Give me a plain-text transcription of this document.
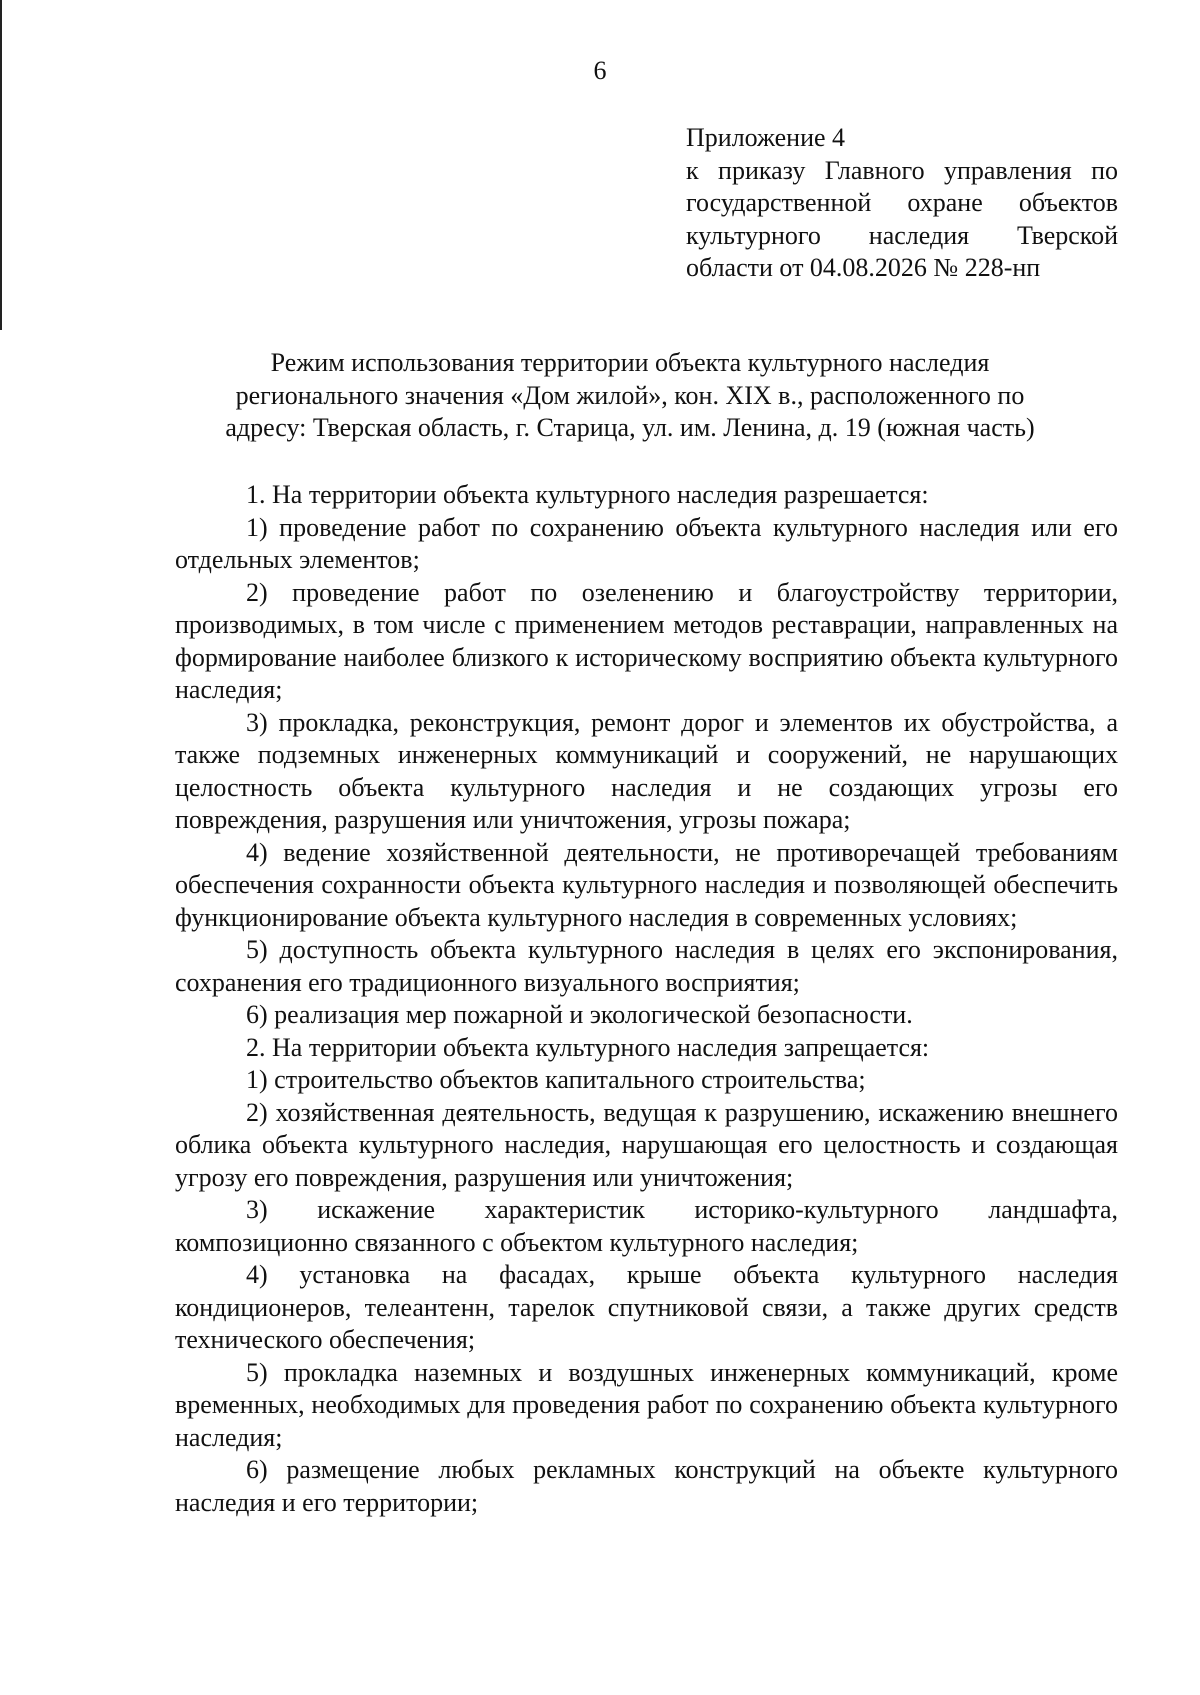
6
Приложение 4
к приказу Главного управления по
государственной охране объектов
культурного наследия Тверской
области от 04.08.2026 № 228-нп
Режим использования территории объекта культурного наследия
регионального значения «Дом жилой», кон. XIX в., расположенного по
адресу: Тверская область, г. Старица, ул. им. Ленина, д. 19 (южная часть)

1. На территории объекта культурного наследия разрешается:

1) проведение работ по сохранению объекта культурного наследия или его отдельных элементов;

2) проведение работ по озеленению и благоустройству территории, производимых, в том числе с применением методов реставрации, направленных на формирование наиболее близкого к историческому восприятию объекта культурного наследия;

3) прокладка, реконструкция, ремонт дорог и элементов их обустройства, а также подземных инженерных коммуникаций и сооружений, не нарушающих целостность объекта культурного наследия и не создающих угрозы его повреждения, разрушения или уничтожения, угрозы пожара;

4) ведение хозяйственной деятельности, не противоречащей требованиям обеспечения сохранности объекта культурного наследия и позволяющей обеспечить функционирование объекта культурного наследия в современных условиях;

5) доступность объекта культурного наследия в целях его экспонирования, сохранения его традиционного визуального восприятия;

6) реализация мер пожарной и экологической безопасности.

2. На территории объекта культурного наследия запрещается:

1) строительство объектов капитального строительства;

2) хозяйственная деятельность, ведущая к разрушению, искажению внешнего облика объекта культурного наследия, нарушающая его целостность и создающая угрозу его повреждения, разрушения или уничтожения;

3) искажение характеристик историко-культурного ландшафта, композиционно связанного с объектом культурного наследия;

4) установка на фасадах, крыше объекта культурного наследия кондиционеров, телеантенн, тарелок спутниковой связи, а также других средств технического обеспечения;

5) прокладка наземных и воздушных инженерных коммуникаций, кроме временных, необходимых для проведения работ по сохранению объекта культурного наследия;

6) размещение любых рекламных конструкций на объекте культурного наследия и его территории;
